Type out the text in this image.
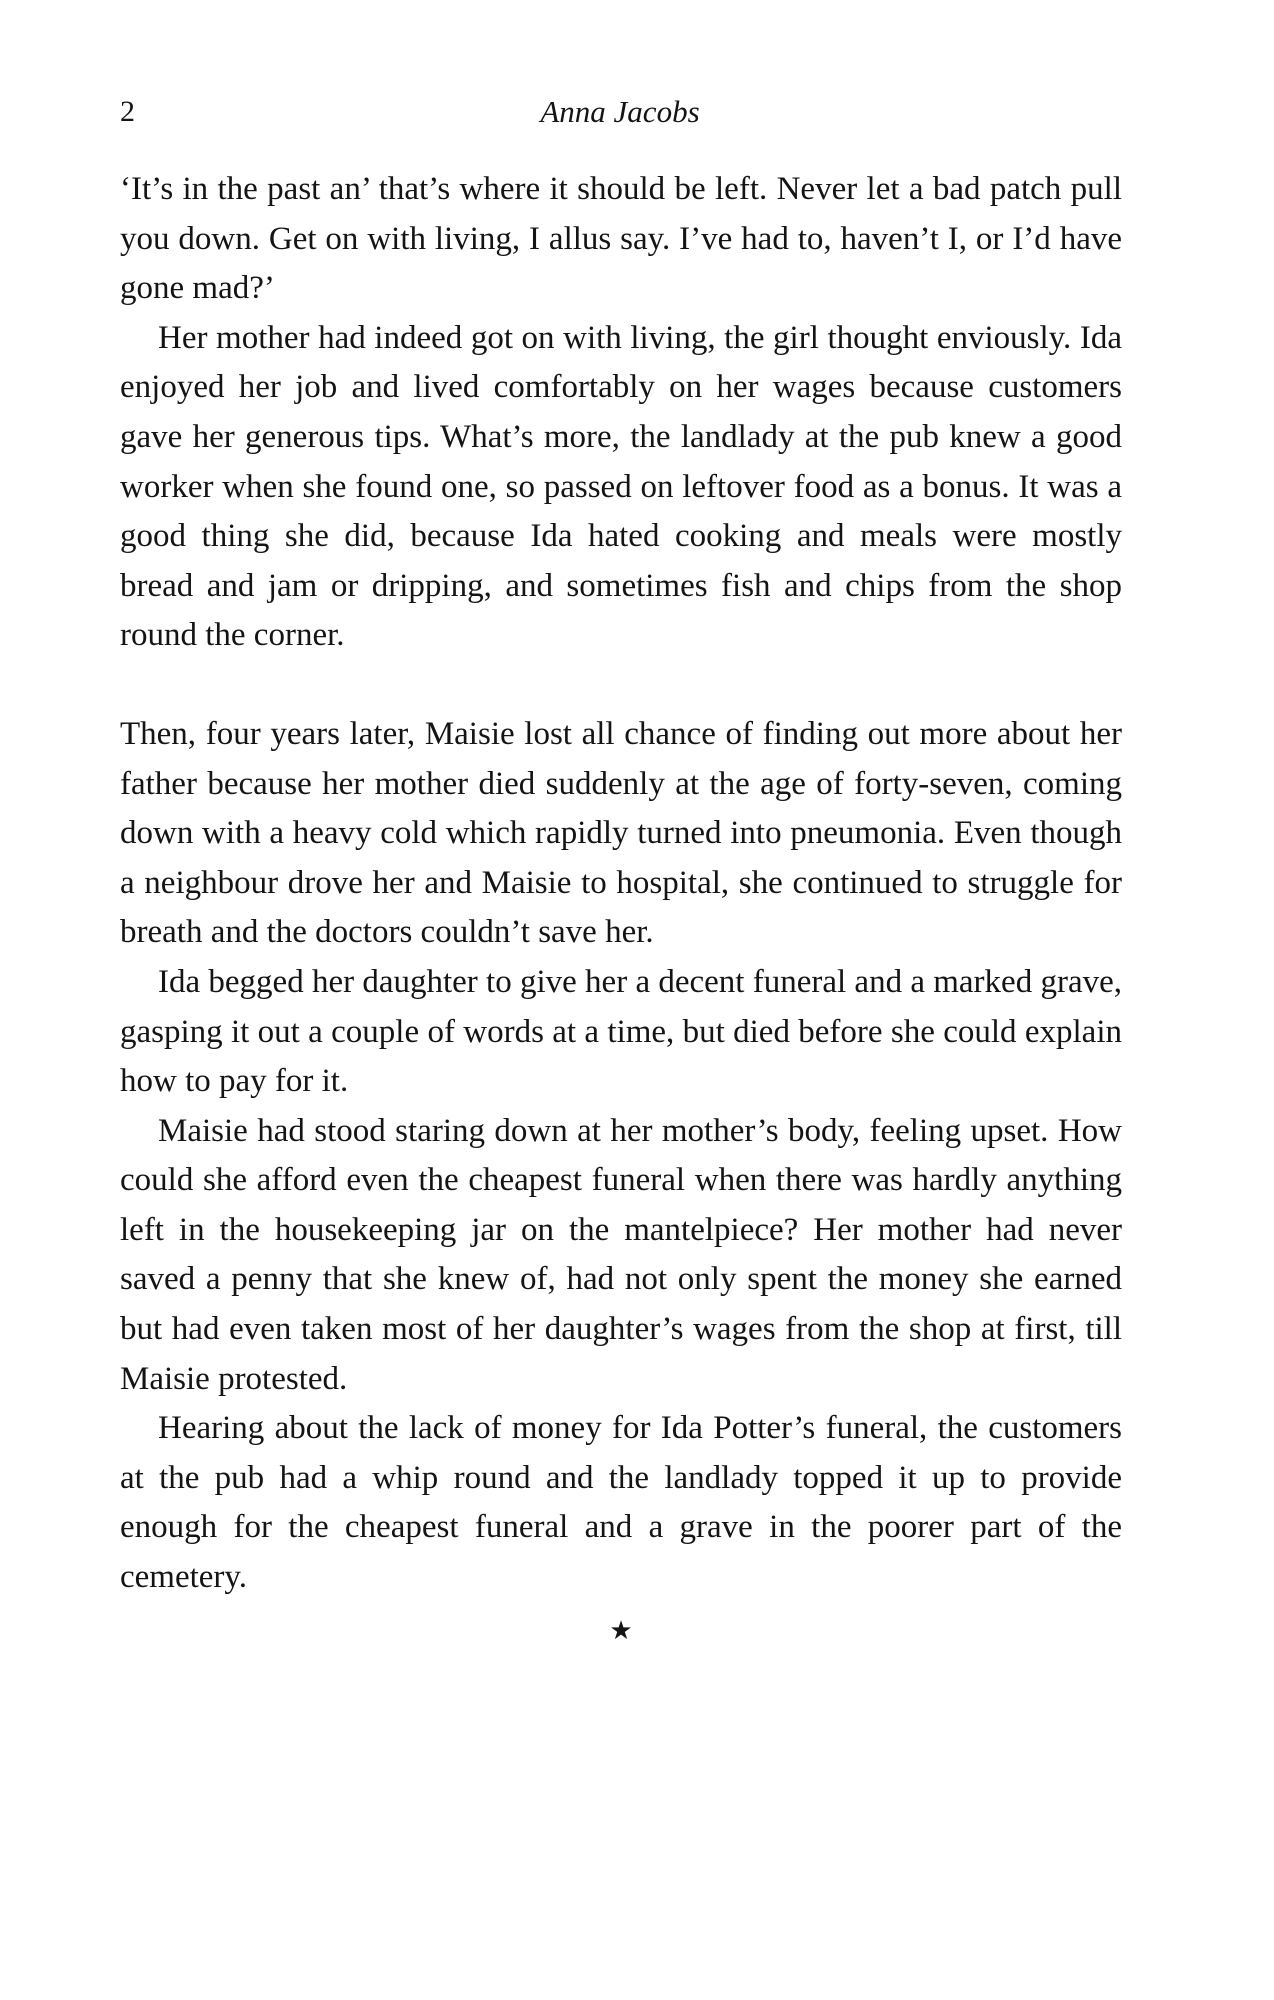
2	Anna Jacobs

‘It’s in the past an’ that’s where it should be left. Never let a bad patch pull you down. Get on with living, I allus say. I’ve had to, haven’t I, or I’d have gone mad?’

Her mother had indeed got on with living, the girl thought enviously. Ida enjoyed her job and lived comfortably on her wages because customers gave her generous tips. What’s more, the landlady at the pub knew a good worker when she found one, so passed on leftover food as a bonus. It was a good thing she did, because Ida hated cooking and meals were mostly bread and jam or dripping, and sometimes fish and chips from the shop round the corner.

Then, four years later, Maisie lost all chance of finding out more about her father because her mother died suddenly at the age of forty-seven, coming down with a heavy cold which rapidly turned into pneumonia. Even though a neighbour drove her and Maisie to hospital, she continued to struggle for breath and the doctors couldn’t save her.

Ida begged her daughter to give her a decent funeral and a marked grave, gasping it out a couple of words at a time, but died before she could explain how to pay for it.

Maisie had stood staring down at her mother’s body, feeling upset. How could she afford even the cheapest funeral when there was hardly anything left in the housekeeping jar on the mantelpiece? Her mother had never saved a penny that she knew of, had not only spent the money she earned but had even taken most of her daughter’s wages from the shop at first, till Maisie protested.

Hearing about the lack of money for Ida Potter’s funeral, the customers at the pub had a whip round and the landlady topped it up to provide enough for the cheapest funeral and a grave in the poorer part of the cemetery.

★
